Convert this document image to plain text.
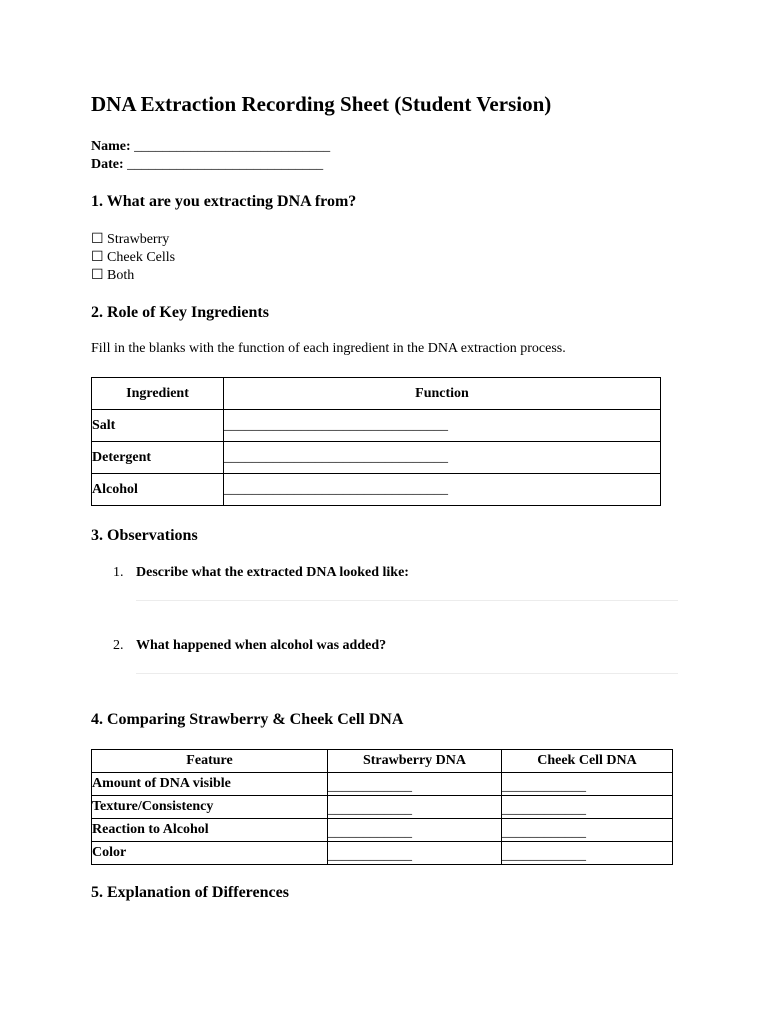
DNA Extraction Recording Sheet (Student Version)
Name: ____________________________
Date: ____________________________
1. What are you extracting DNA from?
☐ Strawberry
☐ Cheek Cells
☐ Both
2. Role of Key Ingredients
Fill in the blanks with the function of each ingredient in the DNA extraction process.
Ingredient	Function
Salt	________________________________

Detergent	________________________________

Alcohol	________________________________
3. Observations
1. Describe what the extracted DNA looked like:
2. What happened when alcohol was added?
4. Comparing Strawberry & Cheek Cell DNA
Feature	Strawberry DNA	Cheek Cell DNA
Amount of DNA visible	____________	____________
Texture/Consistency	____________	____________
Reaction to Alcohol	____________	____________
Color	____________	____________
5. Explanation of Differences
